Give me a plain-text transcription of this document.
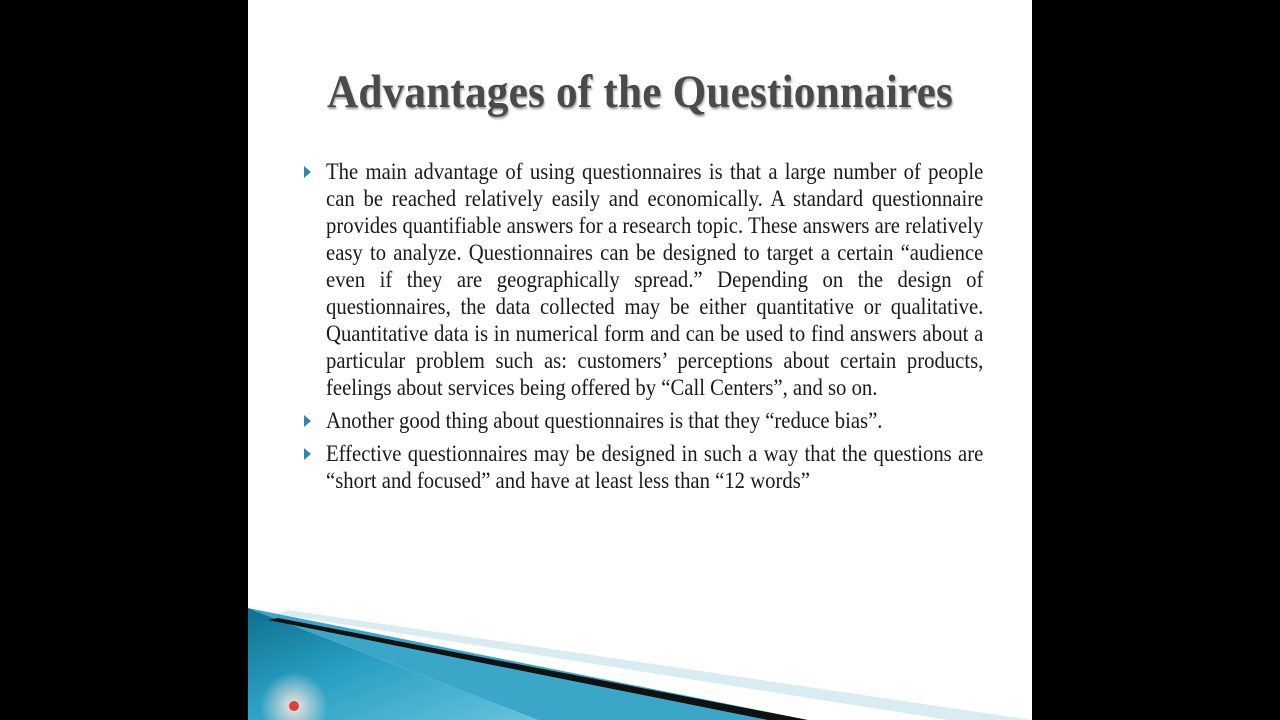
Advantages of the Questionnaires
The main advantage of using questionnaires is that a large number of people can be reached relatively easily and economically. A standard questionnaire provides quantifiable answers for a research topic. These answers are relatively easy to analyze. Questionnaires can be designed to target a certain “audience even if they are geographically spread.” Depending on the design of questionnaires, the data collected may be either quantitative or qualitative. Quantitative data is in numerical form and can be used to find answers about a particular problem such as: customers’ perceptions about certain products, feelings about services being offered by “Call Centers”, and so on.
Another good thing about questionnaires is that they “reduce bias”.
Effective questionnaires may be designed in such a way that the questions are “short and focused” and have at least less than “12 words”
